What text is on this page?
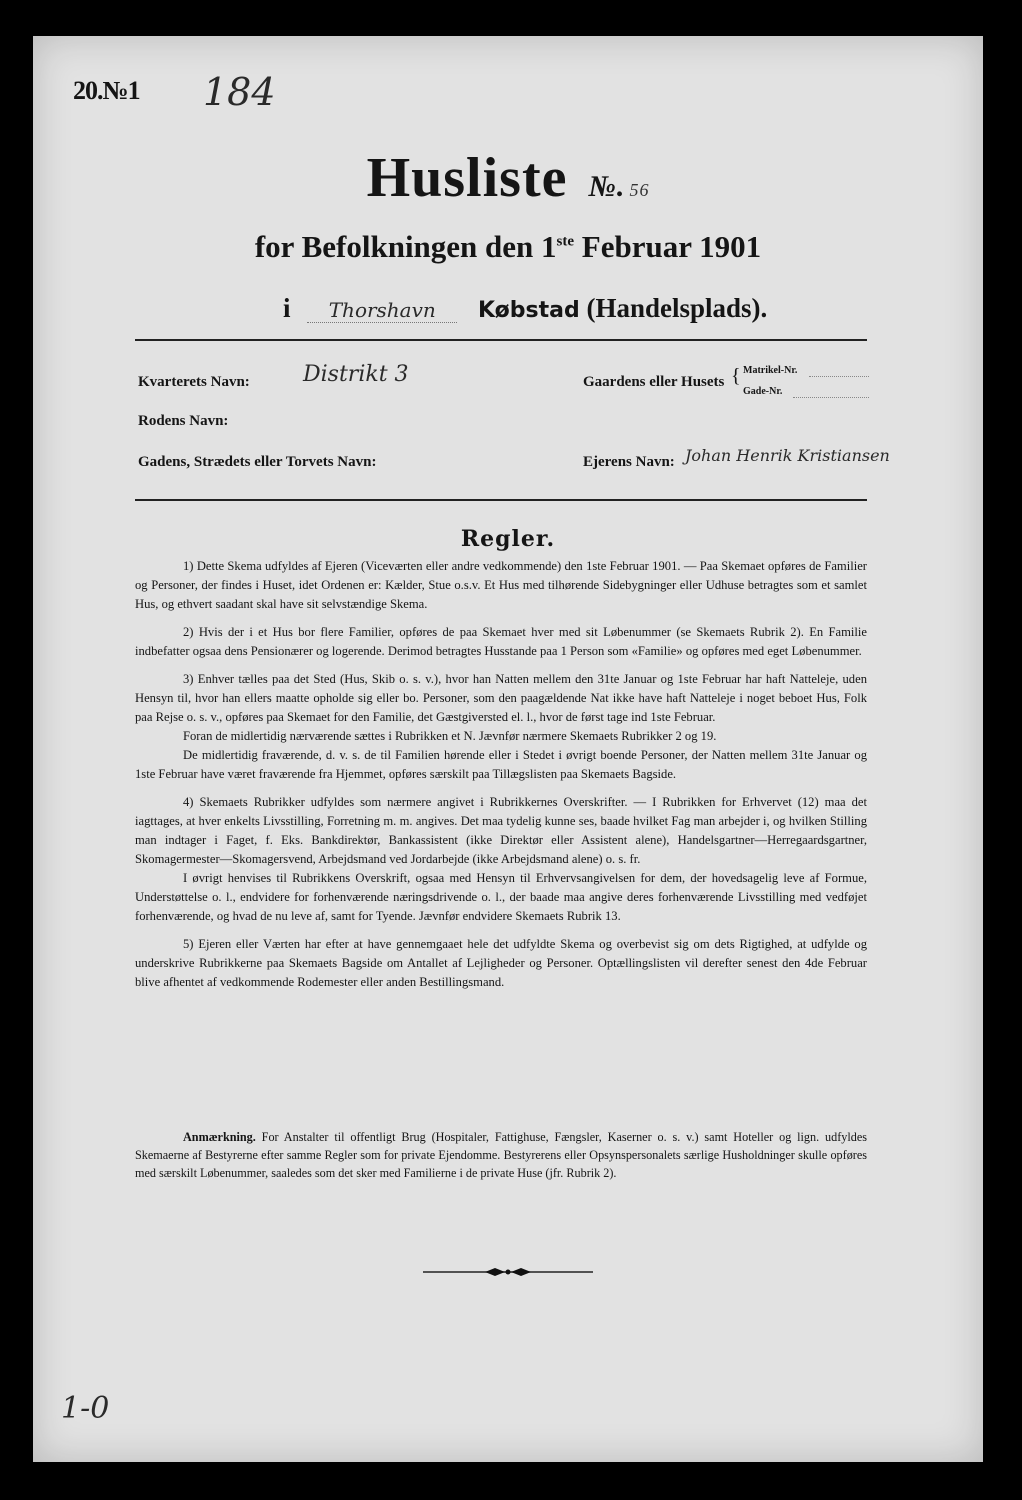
20.№1 184
Husliste №. 56
for Befolkningen den 1ste Februar 1901
i Thorshavn Købstad (Handelsplads).
Kvarterets Navn: Distrikt 3	Gaardens eller Husets { Matrikel-Nr.
Gade-Nr.
Rodens Navn:
Gadens, Strædets eller Torvets Navn:	Ejerens Navn: Johan Henrik Kristiansen
Regler.

1) Dette Skema udfyldes af Ejeren (Viceværten eller andre vedkommende) den 1ste Februar 1901. — Paa Skemaet opføres de Familier og Personer, der findes i Huset, idet Ordenen er: Kælder, Stue o.s.v. Et Hus med tilhørende Sidebygninger eller Udhuse betragtes som et samlet Hus, og ethvert saadant skal have sit selvstændige Skema.

2) Hvis der i et Hus bor flere Familier, opføres de paa Skemaet hver med sit Løbenummer (se Skemaets Rubrik 2). En Familie indbefatter ogsaa dens Pensionærer og logerende. Derimod betragtes Husstande paa 1 Person som «Familie» og opføres med eget Løbenummer.

3) Enhver tælles paa det Sted (Hus, Skib o. s. v.), hvor han Natten mellem den 31te Januar og 1ste Februar har haft Natteleje, uden Hensyn til, hvor han ellers maatte opholde sig eller bo. Personer, som den paagældende Nat ikke have haft Natteleje i noget beboet Hus, Folk paa Rejse o. s. v., opføres paa Skemaet for den Familie, det Gæstgiversted el. l., hvor de først tage ind 1ste Februar.

Foran de midlertidig nærværende sættes i Rubrikken et N. Jævnfør nærmere Skemaets Rubrikker 2 og 19.

De midlertidig fraværende, d. v. s. de til Familien hørende eller i Stedet i øvrigt boende Personer, der Natten mellem 31te Januar og 1ste Februar have været fraværende fra Hjemmet, opføres særskilt paa Tillægslisten paa Skemaets Bagside.

4) Skemaets Rubrikker udfyldes som nærmere angivet i Rubrikkernes Overskrifter. — I Rubrikken for Erhvervet (12) maa det iagttages, at hver enkelts Livsstilling, Forretning m. m. angives. Det maa tydelig kunne ses, baade hvilket Fag man arbejder i, og hvilken Stilling man indtager i Faget, f. Eks. Bankdirektør, Bankassistent (ikke Direktør eller Assistent alene), Handelsgartner—Herregaardsgartner, Skomagermester—Skomagersvend, Arbejdsmand ved Jordarbejde (ikke Arbejdsmand alene) o. s. fr.

I øvrigt henvises til Rubrikkens Overskrift, ogsaa med Hensyn til Erhvervsangivelsen for dem, der hovedsagelig leve af Formue, Understøttelse o. l., endvidere for forhenværende næringsdrivende o. l., der baade maa angive deres forhenværende Livsstilling med vedføjet forhenværende, og hvad de nu leve af, samt for Tyende. Jævnfør endvidere Skemaets Rubrik 13.

5) Ejeren eller Værten har efter at have gennemgaaet hele det udfyldte Skema og overbevist sig om dets Rigtighed, at udfylde og underskrive Rubrikkerne paa Skemaets Bagside om Antallet af Lejligheder og Personer. Optællingslisten vil derefter senest den 4de Februar blive afhentet af vedkommende Rodemester eller anden Bestillingsmand.

Anmærkning. For Anstalter til offentligt Brug (Hospitaler, Fattighuse, Fængsler, Kaserner o. s. v.) samt Hoteller og lign. udfyldes Skemaerne af Bestyrerne efter samme Regler som for private Ejendomme. Bestyrerens eller Opsynspersonalets særlige Husholdninger skulle opføres med særskilt Løbenummer, saaledes som det sker med Familierne i de private Huse (jfr. Rubrik 2).

1-0
